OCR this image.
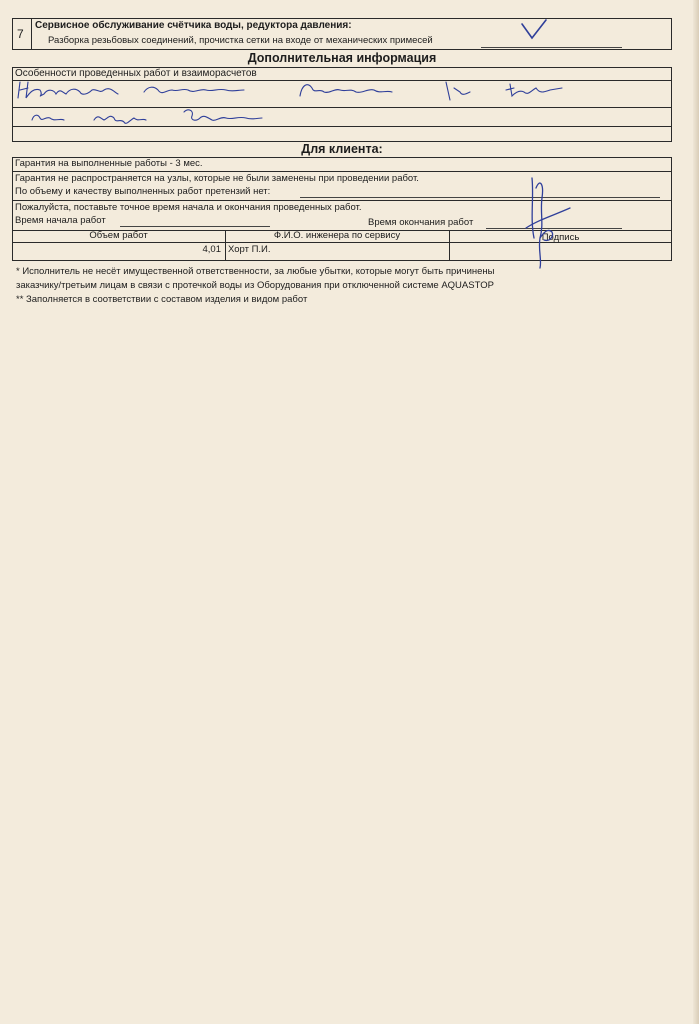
7
Сервисное обслуживание счётчика воды, редуктора давления:
Разборка резьбовых соединений, прочистка сетки на входе от механических примесей
Дополнительная информация
Особенности проведенных работ и взаиморасчетов
Для клиента:
Гарантия на выполненные работы - 3 мес.
Гарантия не распространяется на узлы, которые не были заменены при проведении работ.
По объему и качеству выполненных работ претензий нет:
Пожалуйста, поставьте точное время начала и окончания проведенных работ.
Время начала работ	Время окончания работ
Объем работ	Ф.И.О. инженера по сервису	Подпись
4,01 Хорт П.И.
* Исполнитель не несёт имущественной ответственности, за любые убытки, которые могут быть причинены
заказчику/третьим лицам в связи с протечкой воды из Оборудования при отключенной системе AQUASTOP
** Заполняется в соответствии с составом изделия и видом работ
